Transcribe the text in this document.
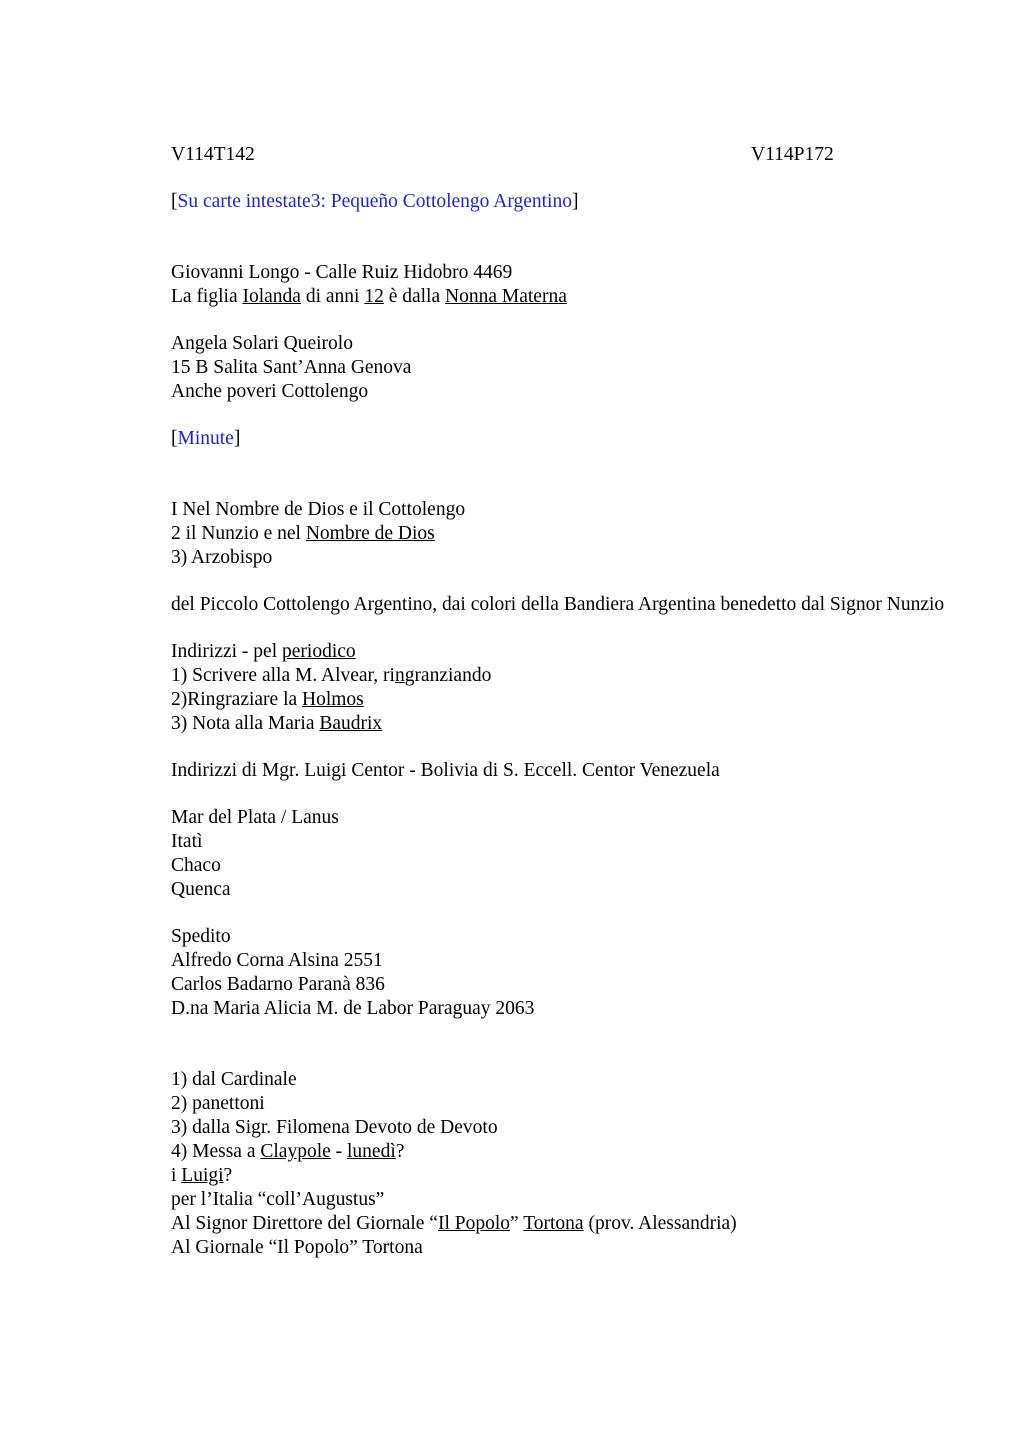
V114T142	V114P172
[Su carte intestate3: Pequeño Cottolengo Argentino]
Giovanni Longo - Calle Ruiz Hidobro 4469
La figlia Iolanda di anni 12 è dalla Nonna Materna
Angela Solari Queirolo
15 B Salita Sant’Anna Genova
Anche poveri Cottolengo
[Minute]
I Nel Nombre de Dios e il Cottolengo
2 il Nunzio e nel Nombre de Dios
3) Arzobispo
del Piccolo Cottolengo Argentino, dai colori della Bandiera Argentina benedetto dal Signor Nunzio
Indirizzi - pel periodico
1) Scrivere alla M. Alvear, ringranziando
2)Ringraziare la Holmos
3) Nota alla Maria Baudrix
Indirizzi di Mgr. Luigi Centor - Bolivia di S. Eccell. Centor Venezuela
Mar del Plata / Lanus
Itatì
Chaco
Quenca
Spedito
Alfredo Corna Alsina 2551
Carlos Badarno Paranà 836
D.na Maria Alicia M. de Labor Paraguay 2063
1) dal Cardinale
2) panettoni
3) dalla Sigr. Filomena Devoto de Devoto
4) Messa a Claypole - lunedì?
i Luigi?
per l’Italia “coll’Augustus”
Al Signor Direttore del Giornale “Il Popolo” Tortona (prov. Alessandria)
Al Giornale “Il Popolo” Tortona
